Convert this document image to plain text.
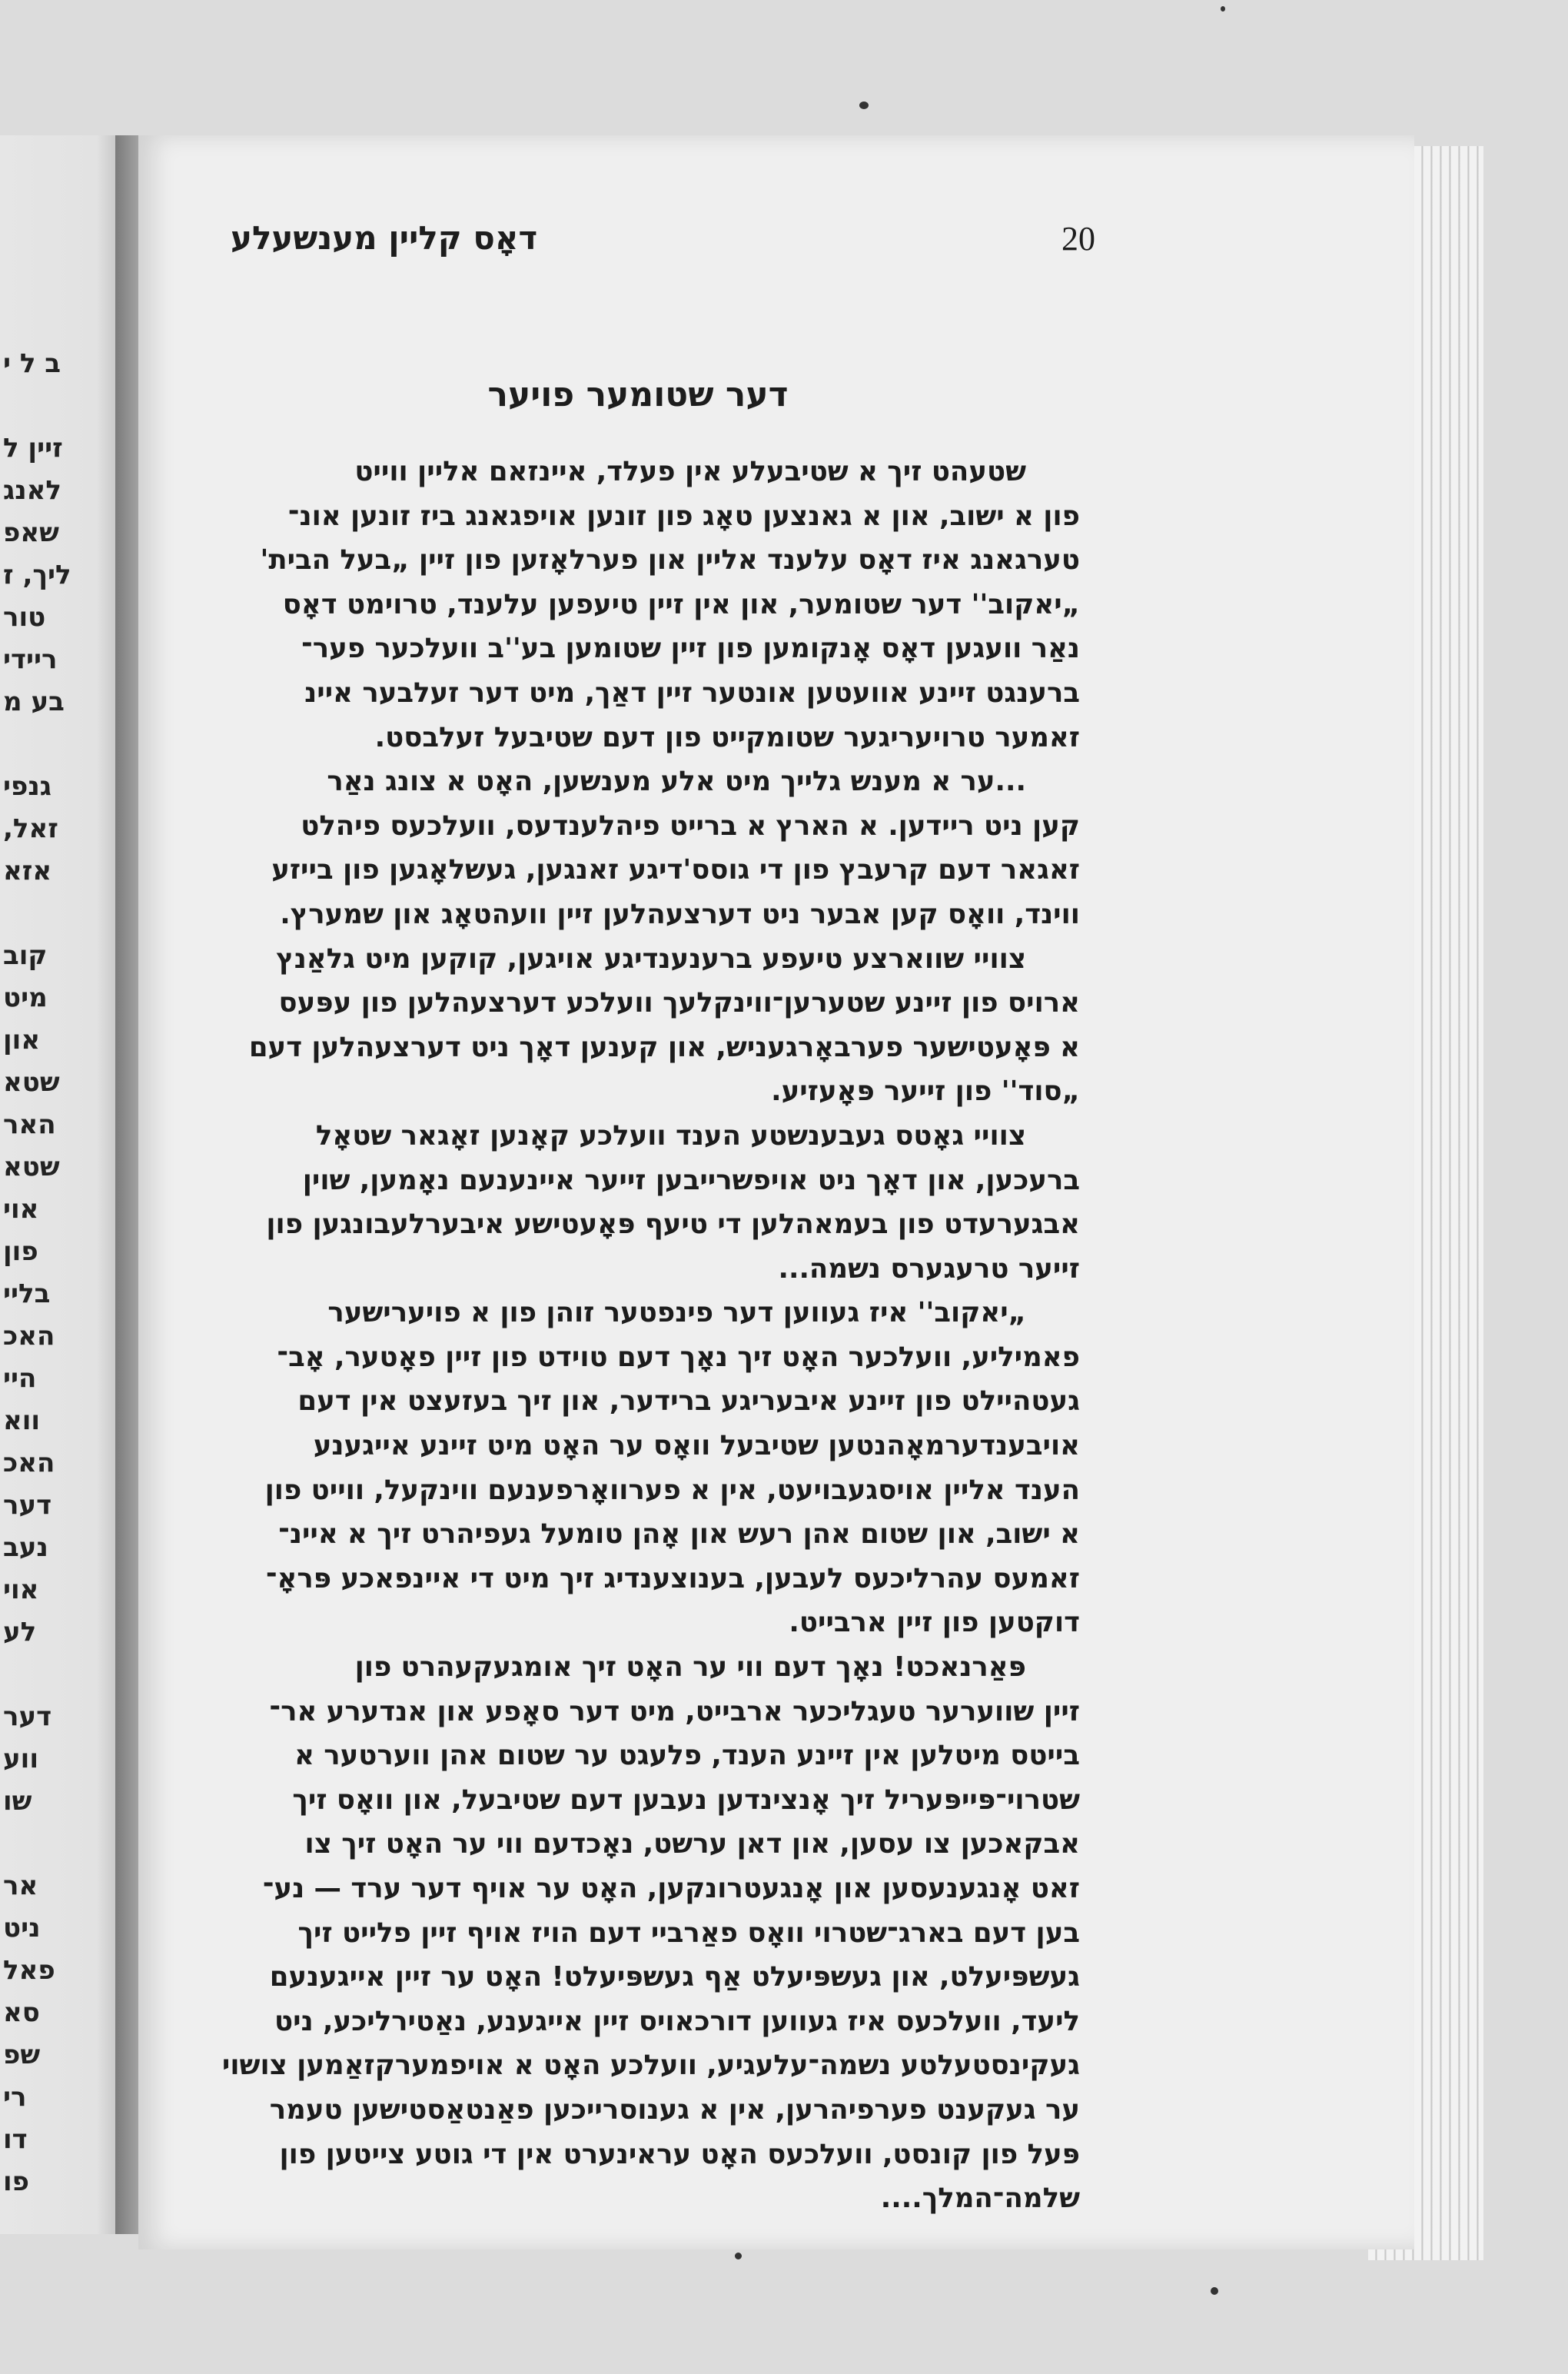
ב ל י
זיין ל
לאנג
שאפ
ליך, ז
טור
ריידי
בע מ
גנפי
זאל,
אזא
קוב
מיט
און
שטא
האר
שטא
אוי
פון
בליי
האכ
היי
ווא
האכ
דער
נעב
אוי
לע
דער
ווע
שו
אר
ניט
פאל
סא
שפ
רי
דו
פו
דאָס קליין מענשעלע	20
דער שטומער פויער
שטעהט זיך א שטיבעלע אין פעלד, איינזאם אליין ווייט
פון א ישוב, און א גאנצען טאָג פון זונען אויפגאנג ביז זונען אונ־
טערגאנג איז דאָס עלענד אליין און פערלאָזען פון זיין „בעל הבית'
„יאקוב'' דער שטומער, און אין זיין טיעפען עלענד, טרוימט דאָס
נאַר וועגען דאָס אָנקומען פון זיין שטומען בע''ב וועלכער פער־
ברענגט זיינע אוועטען אונטער זיין דאַך, מיט דער זעלבער איינ
זאמער טרויעריגער שטומקייט פון דעם שטיבעל זעלבסט.
...ער א מענש גלייך מיט אלע מענשען, האָט א צונג נאַר
קען ניט ריידען. א הארץ א ברייט פיהלענדעס, וועלכעס פיהלט
זאגאר דעם קרעבץ פון די גוסס'דיגע זאנגען, געשלאָגען פון בייזע
ווינד, וואָס קען אבער ניט דערצעהלען זיין וועהטאָג און שמערץ.
צוויי שווארצע טיעפע ברענענדיגע אויגען, קוקען מיט גלאַנץ
ארויס פון זיינע שטערען־ווינקלעך וועלכע דערצעהלען פון עפּעס
א פּאָעטישער פערבאָרגעניש, און קענען דאָך ניט דערצעהלען דעם
„סוד'' פון זייער פּאָעזיע.
צוויי גאָטס געבענשטע הענד וועלכע קאָנען זאָגאר שטאָל
ברעכען, און דאָך ניט אויפשרייבען זייער איינענעם נאָמען, שוין
אבגערעדט פון בעמאהלען די טיעף פּאָעטישע איבערלעבונגען פון
זייער טרעגערס נשמה...
„יאקוב'' איז געווען דער פינפטער זוהן פון א פויערישער
פאמיליע, וועלכער האָט זיך נאָך דעם טוידט פון זיין פאָטער, אָב־
געטהיילט פון זיינע איבעריגע ברידער, און זיך בעזעצט אין דעם
אויבענדערמאָהנטען שטיבעל וואָס ער האָט מיט זיינע אייגענע
הענד אליין אויסגעבויעט, אין א פערוואָרפענעם ווינקעל, ווייט פון
א ישוב, און שטום אהן רעש און אָהן טומעל געפיהרט זיך א איינ־
זאמעס עהרליכעס לעבען, בענוצענדיג זיך מיט די איינפאכע פּראָ־
דוקטען פון זיין ארבייט.
פּאַרנאכט! נאָך דעם ווי ער האָט זיך אומגעקעהרט פון
זיין שווערער טעגליכער ארבייט, מיט דער סאָפע און אנדערע אר־
בייטס מיטלען אין זיינע הענד, פלעגט ער שטום אהן ווערטער א
שטרוי־פּייפּעריל זיך אָנצינדען נעבען דעם שטיבעל, און וואָס זיך
אבקאכען צו עסען, און דאן ערשט, נאָכדעם ווי ער האָט זיך צו
זאט אָנגענעסען און אָנגעטרונקען, האָט ער אויף דער ערד — נע־
בען דעם בארג־שטרוי וואָס פאַרביי דעם הויז אויף זיין פלייט זיך
געשפּיעלט, און געשפּיעלט אַף געשפּיעלט! האָט ער זיין אייגענעם
ליעד, וועלכעס איז געווען דורכאויס זיין אייגענע, נאַטירליכע, ניט
געקינסטעלטע נשמה־עלעגיע, וועלכע האָט א אויפמערקזאַמען צושוי
ער געקענט פערפיהרען, אין א גענוסרייכען פאַנטאַסטישען טעמר
פּעל פון קונסט, וועלכעס האָט עראינערט אין די גוטע צייטען פון
שלמה־המלך....
